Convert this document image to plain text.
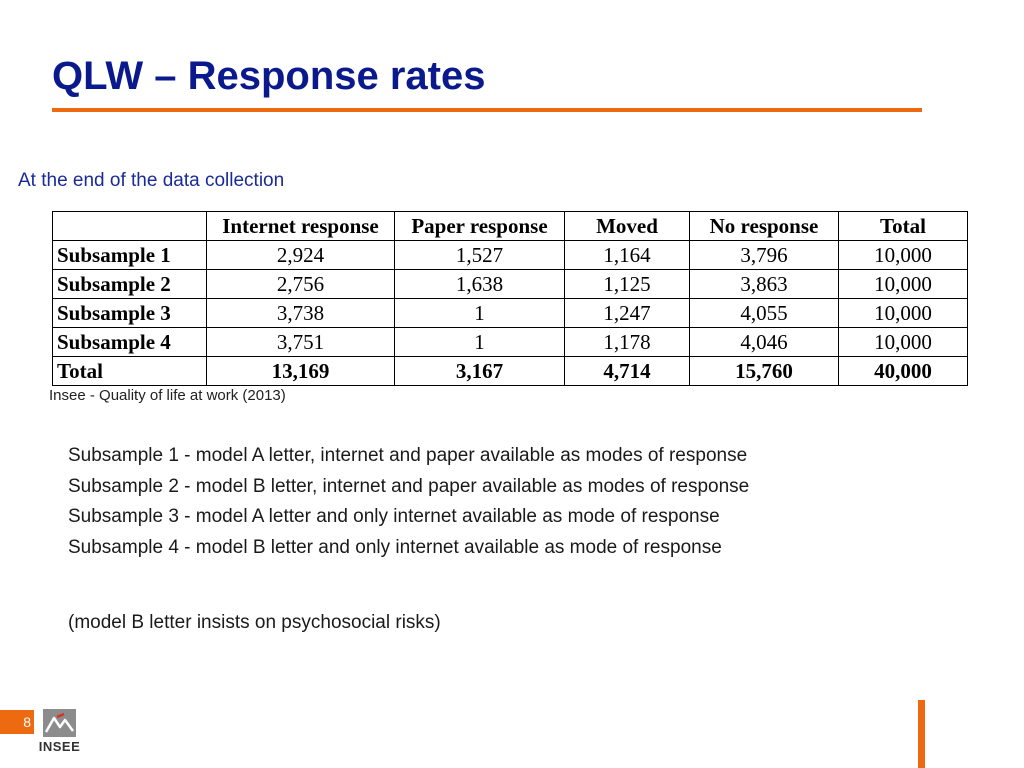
QLW – Response rates
At the end of the data collection
	Internet response	Paper response	Moved	No response	Total
Subsample 1	2,924	1,527	1,164	3,796	10,000
Subsample 2	2,756	1,638	1,125	3,863	10,000
Subsample 3	3,738	1	1,247	4,055	10,000
Subsample 4	3,751	1	1,178	4,046	10,000
Total	13,169	3,167	4,714	15,760	40,000
Insee - Quality of life at work (2013)
Subsample 1 - model A letter, internet and paper available as modes of response
Subsample 2 - model B letter, internet and paper available as modes of response
Subsample 3 - model A letter and only internet available as mode of response
Subsample 4 - model B letter and only internet available as mode of response
(model B letter insists on psychosocial risks)
8
INSEE
